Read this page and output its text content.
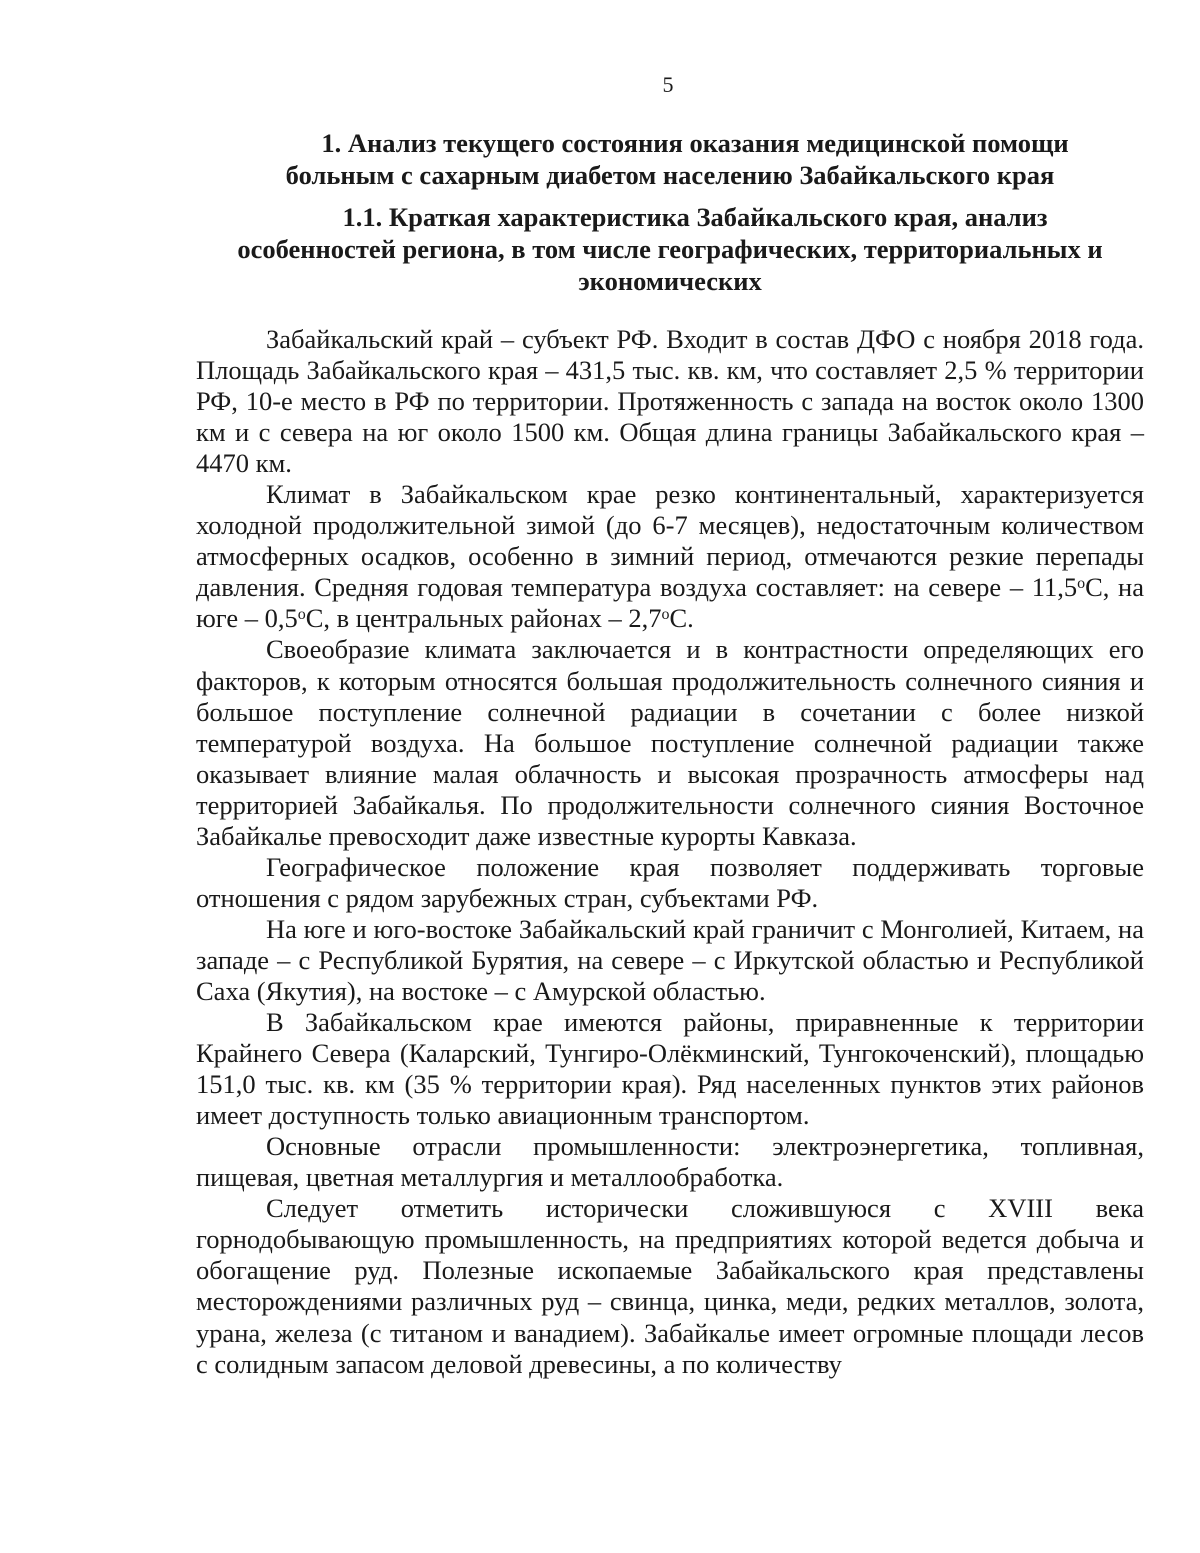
5
1. Анализ текущего состояния оказания медицинской помощи
больным с сахарным диабетом населению Забайкальского края
1.1. Краткая характеристика Забайкальского края, анализ
особенностей региона, в том числе географических, территориальных и
экономических

Забайкальский край – субъект РФ. Входит в состав ДФО с ноября 2018 года. Площадь Забайкальского края – 431,5 тыс. кв. км, что составляет 2,5 % территории РФ, 10-е место в РФ по территории. Протяженность с запада на восток около 1300 км и с севера на юг около 1500 км. Общая длина границы Забайкальского края – 4470 км.

Климат в Забайкальском крае резко континентальный, характеризуется холодной продолжительной зимой (до 6-7 месяцев), недостаточным количеством атмосферных осадков, особенно в зимний период, отмечаются резкие перепады давления. Средняя годовая температура воздуха составляет: на севере – $11,5^оС$, на юге – $0,5^оС$, в центральных районах – $2,7^оС$.

Своеобразие климата заключается и в контрастности определяющих его факторов, к которым относятся большая продолжительность солнечного сияния и большое поступление солнечной радиации в сочетании с более низкой температурой воздуха. На большое поступление солнечной радиации также оказывает влияние малая облачность и высокая прозрачность атмосферы над территорией Забайкалья. По продолжительности солнечного сияния Восточное Забайкалье превосходит даже известные курорты Кавказа.

Географическое положение края позволяет поддерживать торговые отношения с рядом зарубежных стран, субъектами РФ.

На юге и юго-востоке Забайкальский край граничит с Монголией, Китаем, на западе – с Республикой Бурятия, на севере – с Иркутской областью и Республикой Саха (Якутия), на востоке – с Амурской областью.

В Забайкальском крае имеются районы, приравненные к территории Крайнего Севера (Каларский, Тунгиро-Олёкминский, Тунгокоченский), площадью 151,0 тыс. кв. км (35 % территории края). Ряд населенных пунктов этих районов имеет доступность только авиационным транспортом.

Основные отрасли промышленности: электроэнергетика, топливная, пищевая, цветная металлургия и металлообработка.

Следует отметить исторически сложившуюся с XVIII века горнодобывающую промышленность, на предприятиях которой ведется добыча и обогащение руд. Полезные ископаемые Забайкальского края представлены месторождениями различных руд – свинца, цинка, меди, редких металлов, золота, урана, железа (с титаном и ванадием). Забайкалье имеет огромные площади лесов с солидным запасом деловой древесины, а по количеству
